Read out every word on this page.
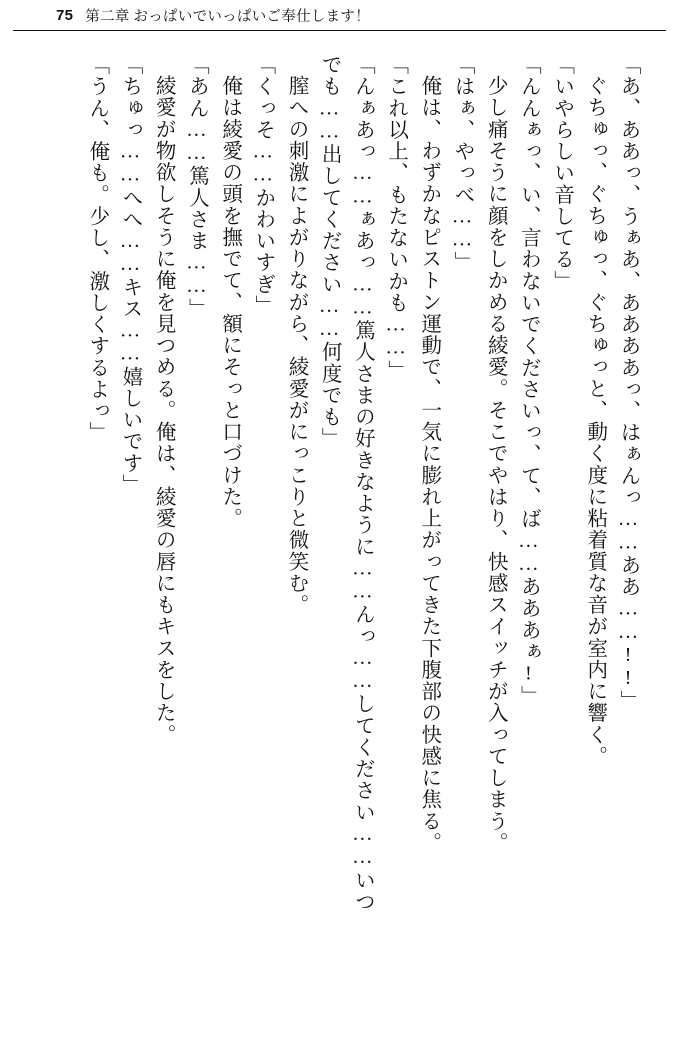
75 第二章 おっぱいでいっぱいご奉仕します！

「あ、ああっ、うぁあ、ああああっ、はぁんっ……ああ……!!」

ぐちゅっ、ぐちゅっ、ぐちゅっと、動く度に粘着質な音が室内に響く。

「いやらしい音してる」

「んんぁっ、い、言わないでくださいっ、て、ば……あああぁ!」

少し痛そうに顔をしかめる綾愛。そこでやはり、快感スイッチが入ってしまう。

「はぁ、やっべ……」

俺は、わずかなピストン運動で、一気に膨れ上がってきた下腹部の快感に焦る。

「これ以上、もたないかも……」

「んぁあっ……ぁあっ……篤人さまの好きなように……んっ……してください……いつ

でも……出してください……何度でも」

膣への刺激によがりながら、綾愛がにっこりと微笑む。

「くっそ……かわいすぎ」

俺は綾愛の頭を撫でて、額にそっと口づけた。

「あん……篤人さま……」

綾愛が物欲しそうに俺を見つめる。俺は、綾愛の唇にもキスをした。

「ちゅっ……へへ……キス……嬉しいです」

「うん、俺も。少し、激しくするよっ」
